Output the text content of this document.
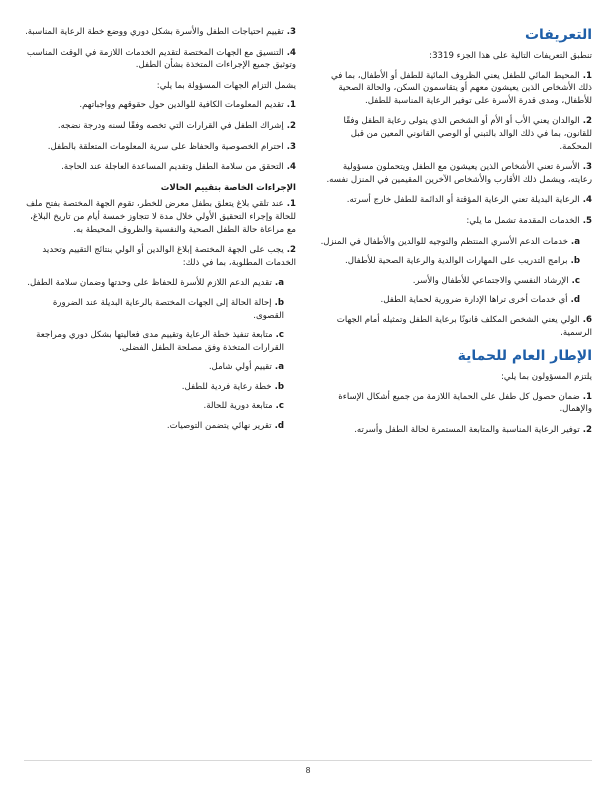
التعريفات

تنطبق التعريفات التالية على هذا الجزء 3319:

1.المحيط المائي للطفل يعني الظروف المائية للطفل أو الأطفال، بما في ذلك الأشخاص الذين يعيشون معهم أو يتقاسمون السكن، والحالة الصحية للأطفال، ومدى قدرة الأسرة على توفير الرعاية المناسبة للطفل.
2.الوالدان يعني الأب أو الأم أو الشخص الذي يتولى رعاية الطفل وفقًا للقانون، بما في ذلك الوالد بالتبني أو الوصي القانوني المعين من قبل المحكمة.
3.الأسرة تعني الأشخاص الذين يعيشون مع الطفل ويتحملون مسؤولية رعايته، ويشمل ذلك الأقارب والأشخاص الآخرين المقيمين في المنزل نفسه.
4.الرعاية البديلة تعني الرعاية المؤقتة أو الدائمة للطفل خارج أسرته.
5.الخدمات المقدمة تشمل ما يلي:
a.خدمات الدعم الأسري المنتظم والتوجيه للوالدين والأطفال في المنزل.
b.برامج التدريب على المهارات الوالدية والرعاية الصحية للأطفال.
c.الإرشاد النفسي والاجتماعي للأطفال والأسر.
d.أي خدمات أخرى تراها الإدارة ضرورية لحماية الطفل.
6.الولي يعني الشخص المكلف قانونًا برعاية الطفل وتمثيله أمام الجهات الرسمية.
الإطار العام للحماية

يلتزم المسؤولون بما يلي:

1.ضمان حصول كل طفل على الحماية اللازمة من جميع أشكال الإساءة والإهمال.
2.توفير الرعاية المناسبة والمتابعة المستمرة لحالة الطفل وأسرته.
3.تقييم احتياجات الطفل والأسرة بشكل دوري ووضع خطة الرعاية المناسبة.
4.التنسيق مع الجهات المختصة لتقديم الخدمات اللازمة في الوقت المناسب وتوثيق جميع الإجراءات المتخذة بشأن الطفل.

يشمل التزام الجهات المسؤولة بما يلي:

1.تقديم المعلومات الكافية للوالدين حول حقوقهم وواجباتهم.
2.إشراك الطفل في القرارات التي تخصه وفقًا لسنه ودرجة نضجه.
3.احترام الخصوصية والحفاظ على سرية المعلومات المتعلقة بالطفل.
4.التحقق من سلامة الطفل وتقديم المساعدة العاجلة عند الحاجة.
الإجراءات الخاصة بتقييم الحالات
1.عند تلقي بلاغ يتعلق بطفل معرض للخطر، تقوم الجهة المختصة بفتح ملف للحالة وإجراء التحقيق الأولي خلال مدة لا تتجاوز خمسة أيام من تاريخ البلاغ، مع مراعاة حالة الطفل الصحية والنفسية والظروف المحيطة به.
2.يجب على الجهة المختصة إبلاغ الوالدين أو الولي بنتائج التقييم وتحديد الخدمات المطلوبة، بما في ذلك:
a.تقديم الدعم اللازم للأسرة للحفاظ على وحدتها وضمان سلامة الطفل.
b.إحالة الحالة إلى الجهات المختصة بالرعاية البديلة عند الضرورة القصوى.
c.متابعة تنفيذ خطة الرعاية وتقييم مدى فعاليتها بشكل دوري ومراجعة القرارات المتخذة وفق مصلحة الطفل الفضلى.
a.تقييم أولي شامل.
b.خطة رعاية فردية للطفل.
c.متابعة دورية للحالة.
d.تقرير نهائي يتضمن التوصيات.
8
